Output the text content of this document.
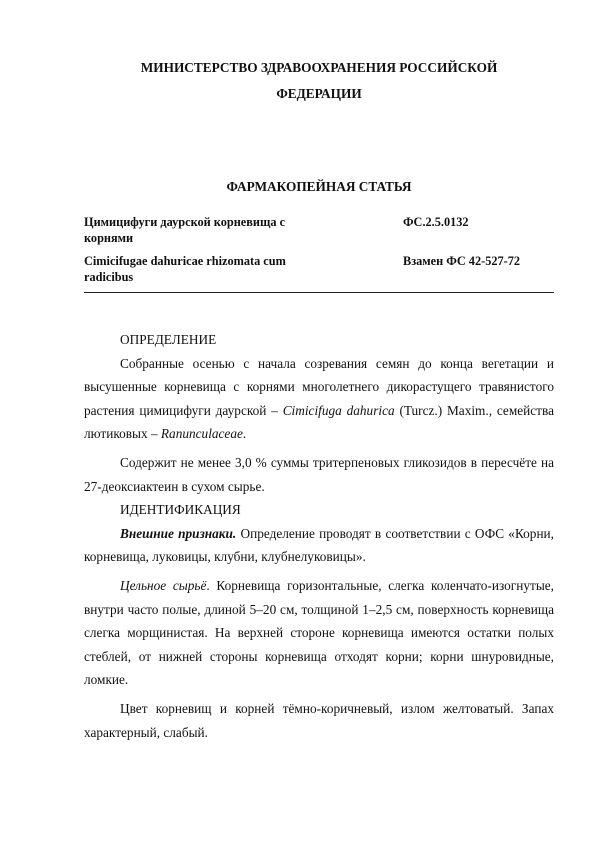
МИНИСТЕРСТВО ЗДРАВООХРАНЕНИЯ РОССИЙСКОЙ
ФЕДЕРАЦИИ
ФАРМАКОПЕЙНАЯ СТАТЬЯ
Цимицифуги даурской корневища с корнями
ФС.2.5.0132
Cimicifugae dahuricae rhizomata cum radicibus
Взамен ФС 42-527-72

ОПРЕДЕЛЕНИЕ

Собранные осенью с начала созревания семян до конца вегетации и высушенные корневища с корнями многолетнего дикорастущего травянистого растения цимицифуги даурской – Cimicifuga dahurica (Turcz.) Maxim., семейства лютиковых – Ranunculaceae.

Содержит не менее 3,0 % суммы тритерпеновых гликозидов в пересчёте на 27-деоксиактеин в сухом сырье.

ИДЕНТИФИКАЦИЯ

Внешние признаки. Определение проводят в соответствии с ОФС «Корни, корневища, луковицы, клубни, клубнелуковицы».

Цельное сырьё. Корневища горизонтальные, слегка коленчато-изогнутые, внутри часто полые, длиной 5–20 см, толщиной 1–2,5 см, поверхность корневища слегка морщинистая. На верхней стороне корневища имеются остатки полых стеблей, от нижней стороны корневища отходят корни; корни шнуровидные, ломкие.

Цвет корневищ и корней тёмно-коричневый, излом желтоватый. Запах характерный, слабый.
